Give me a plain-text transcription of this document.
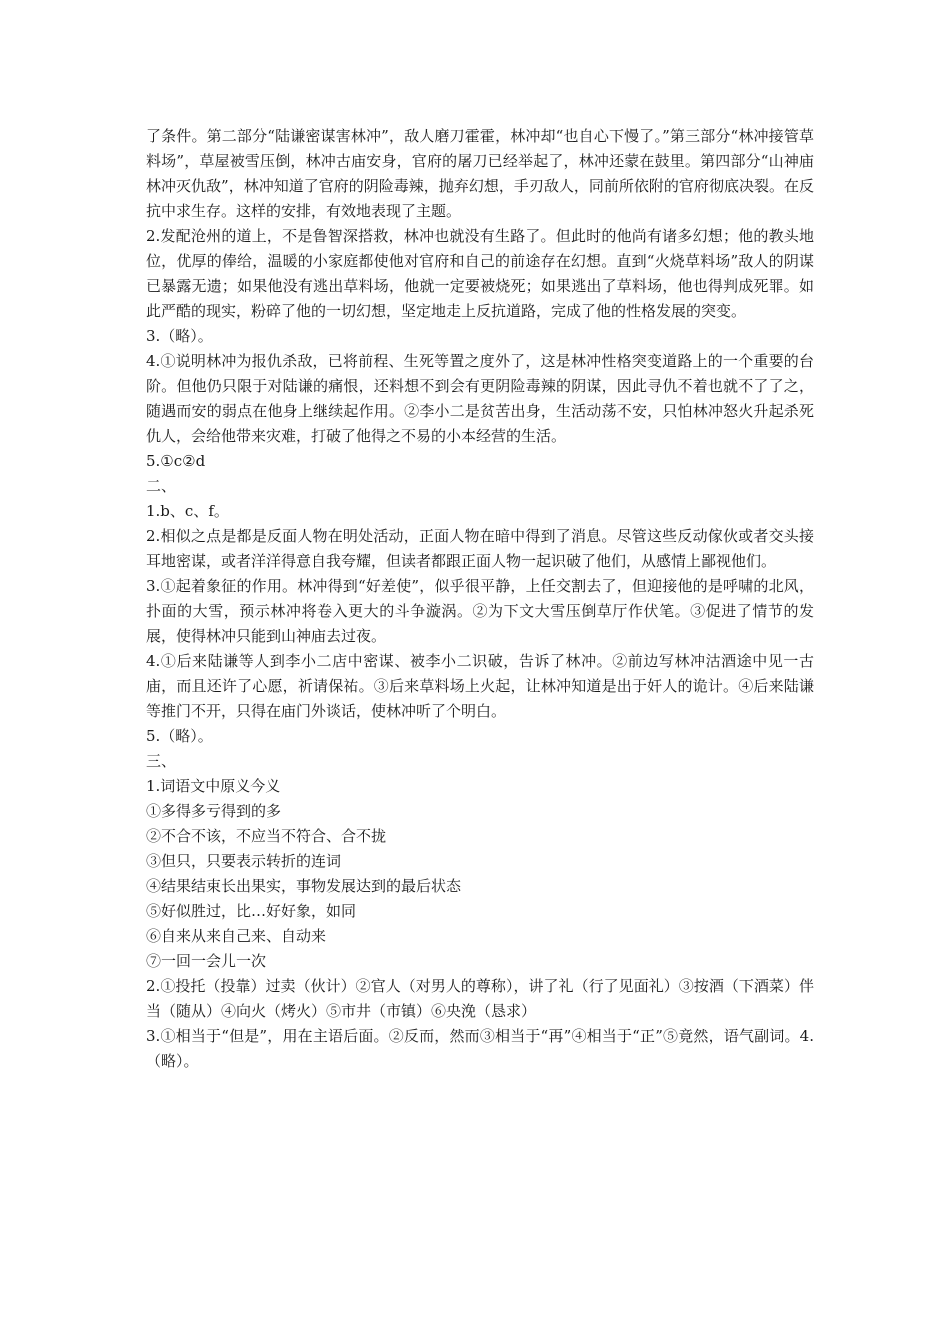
了条件。第二部分“陆谦密谋害林冲”，敌人磨刀霍霍，林冲却“也自心下慢了。”第三部分“林冲接管草料场”，草屋被雪压倒，林冲古庙安身，官府的屠刀已经举起了，林冲还蒙在鼓里。第四部分“山神庙林冲灭仇敌”，林冲知道了官府的阴险毒辣，抛弃幻想，手刃敌人，同前所依附的官府彻底决裂。在反抗中求生存。这样的安排，有效地表现了主题。

2.发配沧州的道上，不是鲁智深搭救，林冲也就没有生路了。但此时的他尚有诸多幻想；他的教头地位，优厚的俸给，温暖的小家庭都使他对官府和自己的前途存在幻想。直到“火烧草料场”敌人的阴谋已暴露无遗；如果他没有逃出草料场，他就一定要被烧死；如果逃出了草料场，他也得判成死罪。如此严酷的现实，粉碎了他的一切幻想，坚定地走上反抗道路，完成了他的性格发展的突变。

3.（略）。

4.①说明林冲为报仇杀敌，已将前程、生死等置之度外了，这是林冲性格突变道路上的一个重要的台阶。但他仍只限于对陆谦的痛恨，还料想不到会有更阴险毒辣的阴谋，因此寻仇不着也就不了了之，随遇而安的弱点在他身上继续起作用。②李小二是贫苦出身，生活动荡不安，只怕林冲怒火升起杀死仇人，会给他带来灾难，打破了他得之不易的小本经营的生活。

5.①c②d

二、

1.b、c、f。

2.相似之点是都是反面人物在明处活动，正面人物在暗中得到了消息。尽管这些反动傢伙或者交头接耳地密谋，或者洋洋得意自我夸耀，但读者都跟正面人物一起识破了他们，从感情上鄙视他们。

3.①起着象征的作用。林冲得到“好差使”，似乎很平静，上任交割去了，但迎接他的是呼啸的北风，扑面的大雪，预示林冲将卷入更大的斗争漩涡。②为下文大雪压倒草厅作伏笔。③促进了情节的发展，使得林冲只能到山神庙去过夜。

4.①后来陆谦等人到李小二店中密谋、被李小二识破，告诉了林冲。②前边写林冲沽酒途中见一古庙，而且还许了心愿，祈请保祐。③后来草料场上火起，让林冲知道是出于奸人的诡计。④后来陆谦等推门不开，只得在庙门外谈话，使林冲听了个明白。

5.（略）。

三、

1.词语文中原义今义

①多得多亏得到的多

②不合不该，不应当不符合、合不拢

③但只，只要表示转折的连词

④结果结束长出果实，事物发展达到的最后状态

⑤好似胜过，比…好好象，如同

⑥自来从来自己来、自动来

⑦一回一会儿一次

2.①投托（投靠）过卖（伙计）②官人（对男人的尊称），讲了礼（行了见面礼）③按酒（下酒菜）伴当（随从）④向火（烤火）⑤市井（市镇）⑥央浼（恳求）

3.①相当于“但是”，用在主语后面。②反而，然而③相当于“再”④相当于“正”⑤竟然，语气副词。4.（略）。
